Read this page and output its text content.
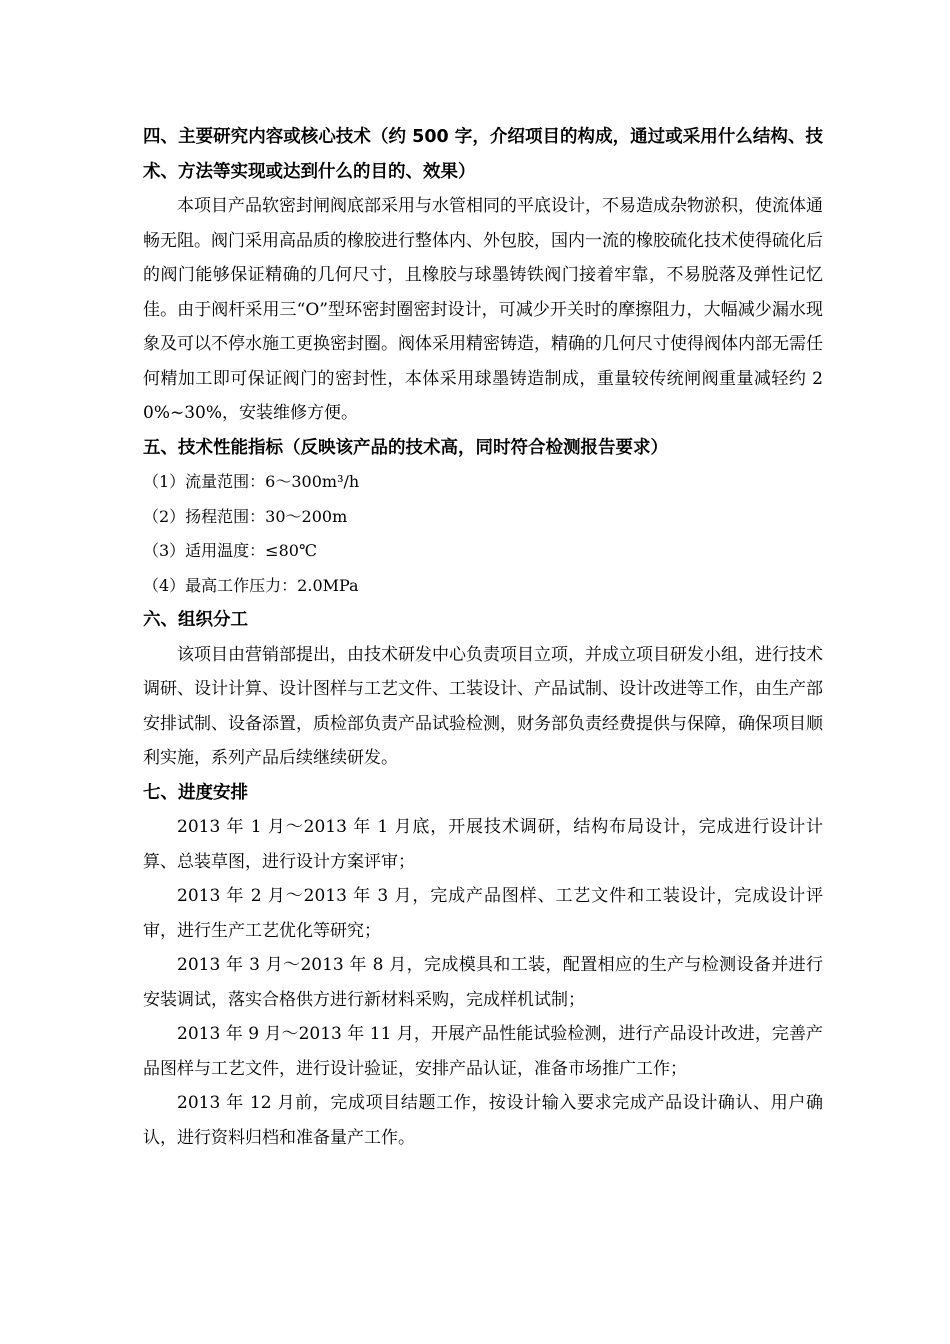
四、主要研究内容或核心技术（约 500 字，介绍项目的构成，通过或采用什么结构、技术、方法等实现或达到什么的目的、效果）
本项目产品软密封闸阀底部采用与水管相同的平底设计，不易造成杂物淤积，使流体通畅无阻。阀门采用高品质的橡胶进行整体内、外包胶，国内一流的橡胶硫化技术使得硫化后的阀门能够保证精确的几何尺寸，且橡胶与球墨铸铁阀门接着牢靠，不易脱落及弹性记忆佳。由于阀杆采用三“O”型环密封圈密封设计，可减少开关时的摩擦阻力，大幅减少漏水现象及可以不停水施工更换密封圈。阀体采用精密铸造，精确的几何尺寸使得阀体内部无需任何精加工即可保证阀门的密封性，本体采用球墨铸造制成，重量较传统闸阀重量减轻约 20%~30%，安装维修方便。
五、技术性能指标（反映该产品的技术高，同时符合检测报告要求）
（1）流量范围：6～300m³/h
（2）扬程范围：30～200m
（3）适用温度：≤80℃
（4）最高工作压力：2.0MPa
六、组织分工
该项目由营销部提出，由技术研发中心负责项目立项，并成立项目研发小组，进行技术调研、设计计算、设计图样与工艺文件、工装设计、产品试制、设计改进等工作，由生产部安排试制、设备添置，质检部负责产品试验检测，财务部负责经费提供与保障，确保项目顺利实施，系列产品后续继续研发。
七、进度安排
2013 年 1 月～2013 年 1 月底，开展技术调研，结构布局设计，完成进行设计计算、总装草图，进行设计方案评审；
2013 年 2 月～2013 年 3 月，完成产品图样、工艺文件和工装设计，完成设计评审，进行生产工艺优化等研究；
2013 年 3 月～2013 年 8 月，完成模具和工装，配置相应的生产与检测设备并进行安装调试，落实合格供方进行新材料采购，完成样机试制；
2013 年 9 月～2013 年 11 月，开展产品性能试验检测，进行产品设计改进，完善产品图样与工艺文件，进行设计验证，安排产品认证，准备市场推广工作；
2013 年 12 月前，完成项目结题工作，按设计输入要求完成产品设计确认、用户确认，进行资料归档和准备量产工作。
